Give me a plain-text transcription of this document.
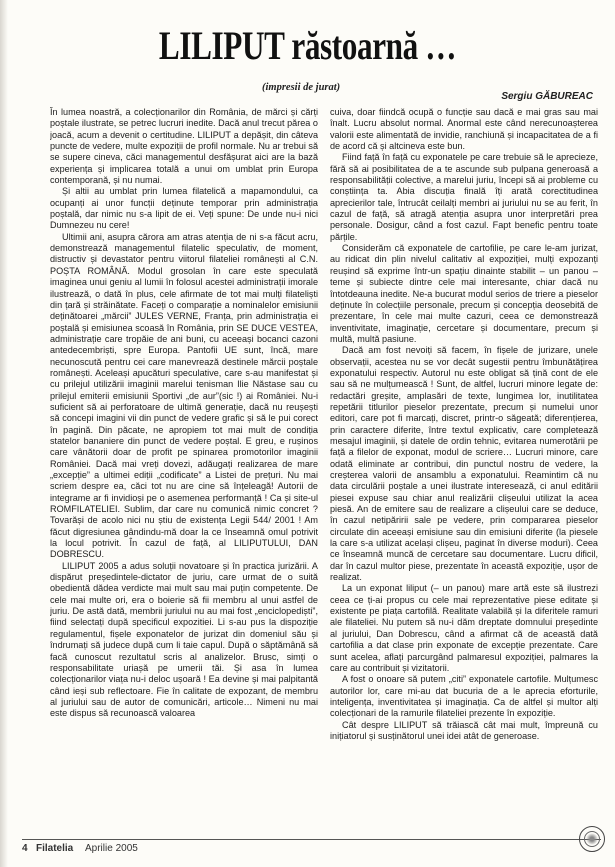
LILIPUT răstoarnă …
(impresii de jurat)
Sergiu GĂBUREAC

În lumea noastră, a colecționarilor din România, de mărci și cărți poștale ilustrate, se petrec lucruri inedite. Dacă anul trecut părea o joacă, acum a devenit o certitudine. LILIPUT a depășit, din câteva puncte de vedere, multe expoziții de profil normale. Nu ar trebui să se supere cineva, căci managementul desfășurat aici are la bază experiența și implicarea totală a unui om umblat prin Europa contemporană, și nu numai.

Și altii au umblat prin lumea filatelică a mapamondului, ca ocupanți ai unor funcții deținute temporar prin administrația poștală, dar nimic nu s-a lipit de ei. Veți spune: De unde nu-i nici Dumnezeu nu cere!

Ultimii ani, asupra cărora am atras atenția de ni s-a făcut acru, demonstrează managementul filatelic speculativ, de moment, distructiv și devastator pentru viitorul filateliei românești al C.N. POȘTA ROMÂNĂ. Modul grosolan în care este speculată imaginea unui geniu al lumii în folosul acestei administrații imorale ilustrează, o dată în plus, cele afirmate de tot mai mulți filateliști din țară și străinătate. Faceți o comparație a nominalelor emisiunii deținătoarei „mărcii” JULES VERNE, Franța, prin administrația ei poștală și emisiunea scoasă în România, prin SE DUCE VESTEA, administrație care tropăie de ani buni, cu aceeași bocanci cazoni antedecembriști, spre Europa. Pantofii UE sunt, încă, mare necunoscută pentru cei care manevrează destinele mărcii poștale românești. Aceleași apucături speculative, care s-au manifestat și cu prilejul utilizării imaginii marelui tenisman Ilie Năstase sau cu prilejul emiterii emisiunii Sportivi „de aur”(sic !) ai României. Nu-i suficient să ai perforatoare de ultimă generație, dacă nu reușești să concepi imagini vii din punct de vedere grafic și să le pui corect în pagină. Din păcate, ne apropiem tot mai mult de condiția statelor bananiere din punct de vedere poștal. E greu, e rușinos care vânătorii doar de profit pe spinarea promotorilor imaginii României. Dacă mai vreți dovezi, adăugați realizarea de mare „excepție” a ultimei ediții „codificate” a Listei de prețuri. Nu mai scriem despre ea, căci tot nu are cine să înțeleagă! Autorii de integrame ar fi invidioși pe o asemenea performanță ! Ca și site-ul ROMFILATELIEI. Sublim, dar care nu comunică nimic concret ? Tovarăși de acolo nici nu știu de existența Legii 544/ 2001 ! Am făcut digresiunea gândindu-mă doar la ce înseamnă omul potrivit la locul potrivit. În cazul de față, al LILIPUTULUI, DAN DOBRESCU.

LILIPUT 2005 a adus soluții novatoare și în practica jurizării. A dispărut președintele-dictator de juriu, care urmat de o suită obedientă dădea verdicte mai mult sau mai puțin competente. De cele mai multe ori, era o boierie să fii membru al unui astfel de juriu. De astă dată, membrii juriului nu au mai fost „enciclopediști”, fiind selectați după specificul expozitiei. Li s-au pus la dispoziție regulamentul, fișele exponatelor de jurizat din domeniul său și îndrumați să judece după cum li taie capul. După o săptămână să facă cunoscut rezultatul scris al analizelor. Brusc, simți o responsabilitate uriașă pe umerii tăi. Și asa în lumea colecționarilor viața nu-i deloc ușoară ! Ea devine și mai palpitantă când ieși sub reflectoare. Fie în calitate de expozant, de membru al juriului sau de autor de comunicări, articole… Nimeni nu mai este dispus să recunoască valoarea

cuiva, doar fiindcă ocupă o funcție sau dacă e mai gras sau mai înalt. Lucru absolut normal. Anormal este când nerecunoașterea valorii este alimentată de invidie, ranchiună și incapacitatea de a fi de acord că și altcineva este bun.

Fiind față în față cu exponatele pe care trebuie să le aprecieze, fără să ai posibilitatea de a te ascunde sub pulpana generoasă a responsabilității colective, a marelui juriu, începi să ai probleme cu conștiința ta. Abia discuția finală îți arată corectitudinea aprecierilor tale, întrucât ceilalți membri ai juriului nu se au ferit, în cazul de față, să atragă atenția asupra unor interpretări prea personale. Dosigur, când a fost cazul. Fapt benefic pentru toate părțile.

Considerăm că exponatele de cartofilie, pe care le-am jurizat, au ridicat din plin nivelul calitativ al expoziției, mulți expozanți reușind să exprime într-un spațiu dinainte stabilit – un panou – teme și subiecte dintre cele mai interesante, chiar dacă nu întotdeauna inedite. Ne-a bucurat modul serios de triere a pieselor deținute în colecțiile personale, precum și concepția deosebită de prezentare, în cele mai multe cazuri, ceea ce demonstrează inventivitate, imaginație, cercetare și documentare, precum și multă, multă pasiune.

Dacă am fost nevoiți să facem, în fișele de jurizare, unele observații, acestea nu se vor decât sugestii pentru îmbunătățirea exponatului respectiv. Autorul nu este obligat să țină cont de ele sau să ne mulțumească ! Sunt, de altfel, lucruri minore legate de: redactări greșite, amplasări de texte, lungimea lor, inutilitatea repetării titlurilor pieselor prezentate, precum și numelui unor editori, care pot fi marcați, discret, printr-o săgeată; diferențierea, prin caractere diferite, între textul explicativ, care completează mesajul imaginii, și datele de ordin tehnic, evitarea numerotării pe față a filelor de exponat, modul de scriere… Lucruri minore, care odată eliminate ar contribui, din punctul nostru de vedere, la creșterea valorii de ansamblu a exponatului. Reamintim că nu data circulării poștale a unei ilustrate interesează, ci anul editării piesei expuse sau chiar anul realizării clișeului utilizat la acea piesă. An de emitere sau de realizare a clișeului care se deduce, în cazul netipăririi sale pe vedere, prin compararea pieselor circulate din aceeași emisiune sau din emisiuni diferite (la piesele la care s-a utilizat același clișeu, paginat în diverse moduri). Ceea ce înseamnă muncă de cercetare sau documentare. Lucru dificil, dar în cazul multor piese, prezentate în această expoziție, ușor de realizat.

La un exponat liliput (– un panou) mare artă este să ilustrezi ceea ce ți-ai propus cu cele mai reprezentative piese editate și existente pe piața cartofilă. Realitate valabilă și la diferitele ramuri ale filateliei. Nu putem să nu-i dăm dreptate domnului președinte al juriului, Dan Dobrescu, când a afirmat că de această dată cartofilia a dat clase prin exponate de excepție prezentate. Care sunt acelea, aflați parcurgând palmaresul expoziției, palmares la care au contribuit și vizitatorii.

A fost o onoare să putem „citi” exponatele cartofile. Mulțumesc autorilor lor, care mi-au dat bucuria de a le aprecia eforturile, inteligența, inventivitatea și imaginația. Ca de altfel și multor alți colecționari de la ramurile filateliei prezente în expoziție.

Cât despre LILIPUT să trăiască cât mai mult, împreună cu inițiatorul și susținătorul unei idei atât de generoase.

4 Filatelia Aprilie 2005
